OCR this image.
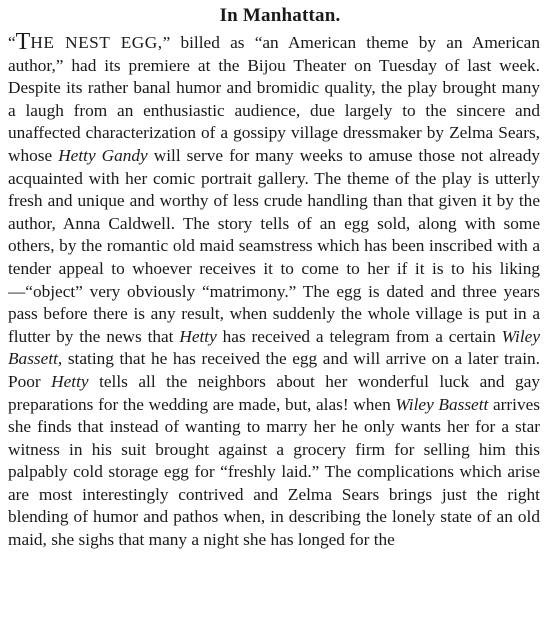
In Manhattan.

“THE NEST EGG,” billed as “an American theme by an American author,” had its premiere at the Bijou Theater on Tuesday of last week. Despite its rather banal humor and bromidic quality, the play brought many a laugh from an enthusiastic audience, due largely to the sincere and unaffected characterization of a gossipy village dressmaker by Zelma Sears, whose Hetty Gandy will serve for many weeks to amuse those not already acquainted with her comic portrait gallery. The theme of the play is utterly fresh and unique and worthy of less crude handling than that given it by the author, Anna Caldwell. The story tells of an egg sold, along with some others, by the romantic old maid seamstress which has been inscribed with a tender appeal to whoever receives it to come to her if it is to his liking —“object” very obviously “matrimony.” The egg is dated and three years pass before there is any result, when suddenly the whole village is put in a flutter by the news that Hetty has received a telegram from a certain Wiley Bassett, stating that he has received the egg and will arrive on a later train. Poor Hetty tells all the neighbors about her wonderful luck and gay preparations for the wedding are made, but, alas! when Wiley Bassett arrives she finds that instead of wanting to marry her he only wants her for a star witness in his suit brought against a grocery firm for selling him this palpably cold storage egg for “freshly laid.” The complications which arise are most interestingly contrived and Zelma Sears brings just the right blending of humor and pathos when, in describing the lonely state of an old maid, she sighs that many a night she has longed for the
